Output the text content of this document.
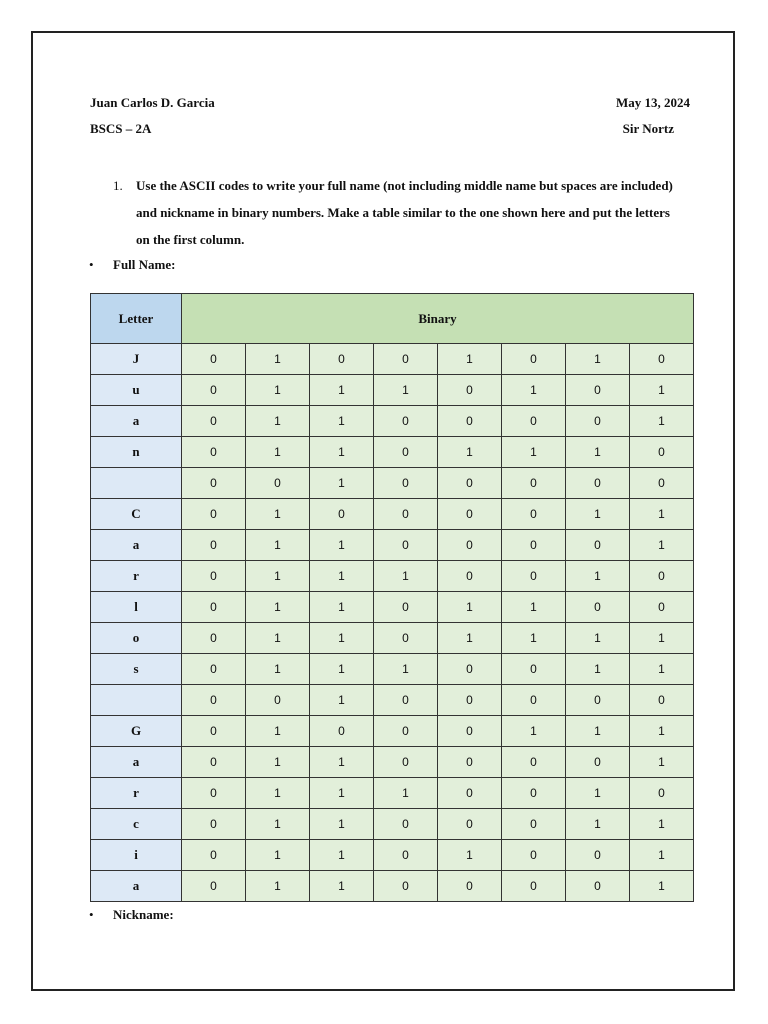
Juan Carlos D. Garcia	May 13, 2024
BSCS – 2A	Sir Nortz
1.	Use the ASCII codes to write your full name (not including middle name but spaces are included) and nickname in binary numbers. Make a table similar to the one shown here and put the letters on the first column.
• Full Name:
Letter	Binary							
J	0	1	0	0	1	0	1	0
u	0	1	1	1	0	1	0	1
a	0	1	1	0	0	0	0	1
n	0	1	1	0	1	1	1	0
	0	0	1	0	0	0	0	0
C	0	1	0	0	0	0	1	1
a	0	1	1	0	0	0	0	1
r	0	1	1	1	0	0	1	0
l	0	1	1	0	1	1	0	0
o	0	1	1	0	1	1	1	1
s	0	1	1	1	0	0	1	1
	0	0	1	0	0	0	0	0
G	0	1	0	0	0	1	1	1
a	0	1	1	0	0	0	0	1
r	0	1	1	1	0	0	1	0
c	0	1	1	0	0	0	1	1
i	0	1	1	0	1	0	0	1
a	0	1	1	0	0	0	0	1
• Nickname:
